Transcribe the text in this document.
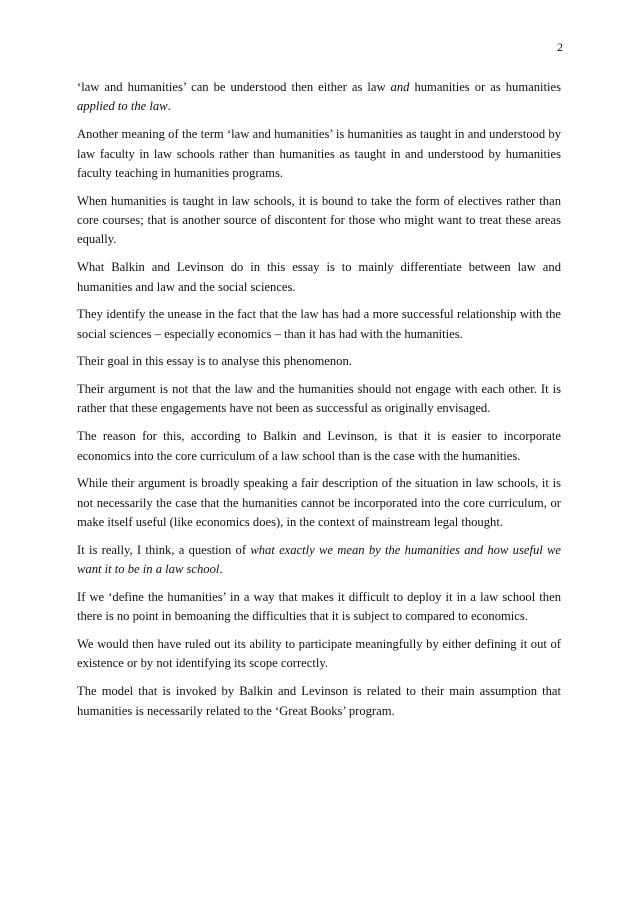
2

‘law and humanities’ can be understood then either as law and humanities or as humanities applied to the law.

Another meaning of the term ‘law and humanities’ is humanities as taught in and understood by law faculty in law schools rather than humanities as taught in and understood by humanities faculty teaching in humanities programs.

When humanities is taught in law schools, it is bound to take the form of electives rather than core courses; that is another source of discontent for those who might want to treat these areas equally.

What Balkin and Levinson do in this essay is to mainly differentiate between law and humanities and law and the social sciences.

They identify the unease in the fact that the law has had a more successful relationship with the social sciences – especially economics – than it has had with the humanities.

Their goal in this essay is to analyse this phenomenon.

Their argument is not that the law and the humanities should not engage with each other. It is rather that these engagements have not been as successful as originally envisaged.

The reason for this, according to Balkin and Levinson, is that it is easier to incorporate economics into the core curriculum of a law school than is the case with the humanities.

While their argument is broadly speaking a fair description of the situation in law schools, it is not necessarily the case that the humanities cannot be incorporated into the core curriculum, or make itself useful (like economics does), in the context of mainstream legal thought.

It is really, I think, a question of what exactly we mean by the humanities and how useful we want it to be in a law school.

If we ‘define the humanities’ in a way that makes it difficult to deploy it in a law school then there is no point in bemoaning the difficulties that it is subject to compared to economics.

We would then have ruled out its ability to participate meaningfully by either defining it out of existence or by not identifying its scope correctly.

The model that is invoked by Balkin and Levinson is related to their main assumption that humanities is necessarily related to the ‘Great Books’ program.
